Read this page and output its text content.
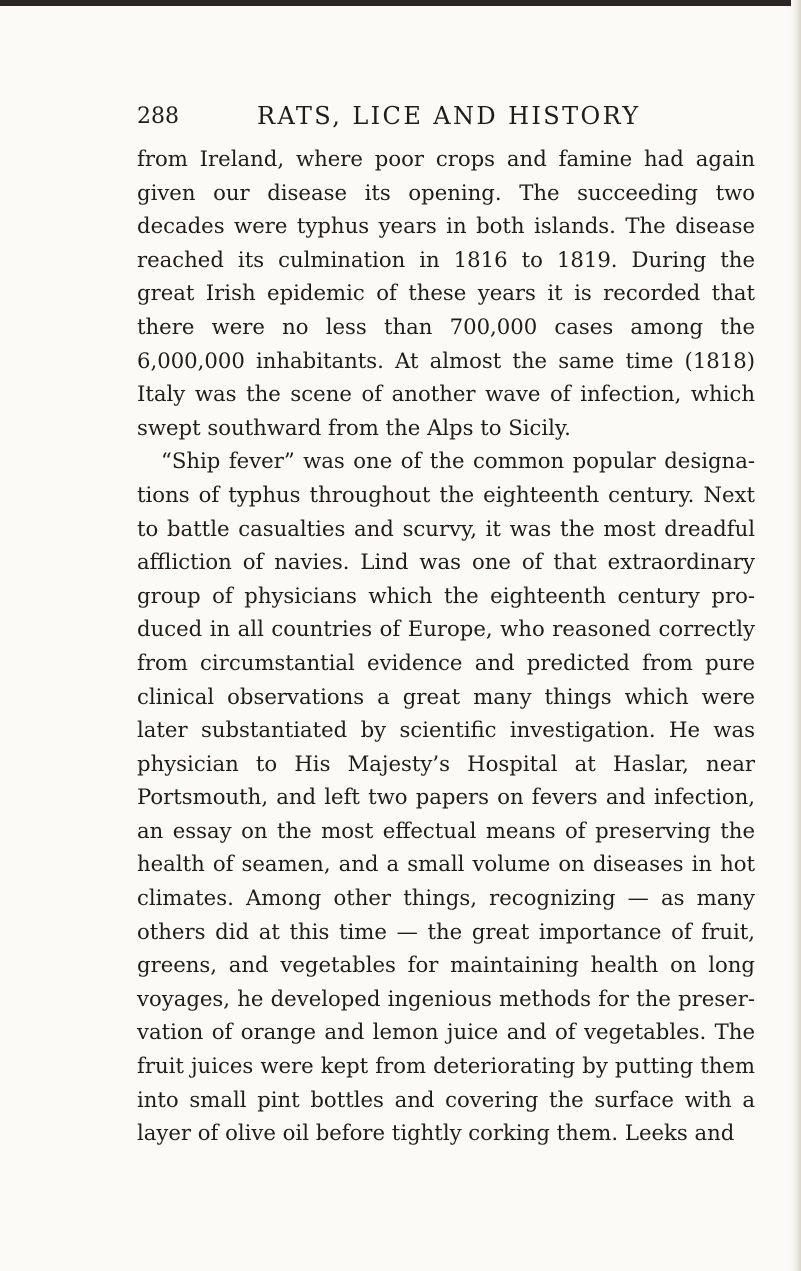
288	RATS, LICE AND HISTORY

from Ireland, where poor crops and famine had again given our disease its opening. The succeeding two decades were typhus years in both islands. The disease reached its culmination in 1816 to 1819. During the great Irish epidemic of these years it is recorded that there were no less than 700,000 cases among the 6,000,000 inhabitants. At almost the same time (1818) Italy was the scene of another wave of infection, which swept southward from the Alps to Sicily.

“Ship fever” was one of the common popular designa- tions of typhus throughout the eighteenth century. Next to battle casualties and scurvy, it was the most dreadful affliction of navies. Lind was one of that extraordinary group of physicians which the eighteenth century pro- duced in all countries of Europe, who reasoned correctly from circumstantial evidence and predicted from pure clinical observations a great many things which were later substantiated by scientific investigation. He was physician to His Majesty’s Hospital at Haslar, near Portsmouth, and left two papers on fevers and infection, an essay on the most effectual means of preserving the health of seamen, and a small volume on diseases in hot climates. Among other things, recognizing — as many others did at this time — the great importance of fruit, greens, and vegetables for maintaining health on long voyages, he developed ingenious methods for the preser- vation of orange and lemon juice and of vegetables. The fruit juices were kept from deteriorating by putting them into small pint bottles and covering the surface with a layer of olive oil before tightly corking them. Leeks and
